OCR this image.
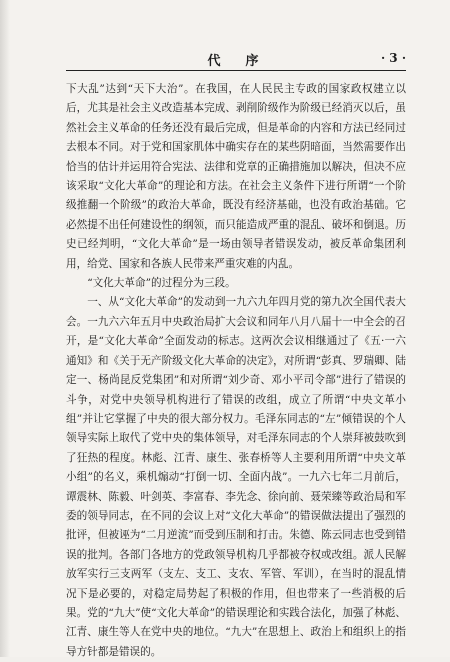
代　序	· 3 ·

下大乱”达到“天下大治”。在我国，在人民民主专政的国家政权建立以后，尤其是社会主义改造基本完成、剥削阶级作为阶级已经消灭以后，虽然社会主义革命的任务还没有最后完成，但是革命的内容和方法已经同过去根本不同。对于党和国家肌体中确实存在的某些阴暗面，当然需要作出恰当的估计并运用符合宪法、法律和党章的正确措施加以解决，但决不应该采取“文化大革命”的理论和方法。在社会主义条件下进行所谓“一个阶级推翻一个阶级”的政治大革命，既没有经济基础，也没有政治基础。它必然提不出任何建设性的纲领，而只能造成严重的混乱、破坏和倒退。历史已经判明，“文化大革命”是一场由领导者错误发动，被反革命集团利用，给党、国家和各族人民带来严重灾难的内乱。

“文化大革命”的过程分为三段。

一、从“文化大革命”的发动到一九六九年四月党的第九次全国代表大会。一九六六年五月中央政治局扩大会议和同年八月八届十一中全会的召开，是“文化大革命”全面发动的标志。这两次会议相继通过了《五·一六通知》和《关于无产阶级文化大革命的决定》，对所谓“彭真、罗瑞卿、陆定一、杨尚昆反党集团”和对所谓“刘少奇、邓小平司令部”进行了错误的斗争，对党中央领导机构进行了错误的改组，成立了所谓“中央文革小组”并让它掌握了中央的很大部分权力。毛泽东同志的“左”倾错误的个人领导实际上取代了党中央的集体领导，对毛泽东同志的个人崇拜被鼓吹到了狂热的程度。林彪、江青、康生、张春桥等人主要利用所谓“中央文革小组”的名义，乘机煽动“打倒一切、全面内战”。一九六七年二月前后，谭震林、陈毅、叶剑英、李富春、李先念、徐向前、聂荣臻等政治局和军委的领导同志，在不同的会议上对“文化大革命”的错误做法提出了强烈的批评，但被诬为“二月逆流”而受到压制和打击。朱德、陈云同志也受到错误的批判。各部门各地方的党政领导机构几乎都被夺权或改组。派人民解放军实行三支两军（支左、支工、支农、军管、军训），在当时的混乱情况下是必要的，对稳定局势起了积极的作用，但也带来了一些消极的后果。党的“九大”使“文化大革命”的错误理论和实践合法化，加强了林彪、江青、康生等人在党中央的地位。“九大”在思想上、政治上和组织上的指导方针都是错误的。
